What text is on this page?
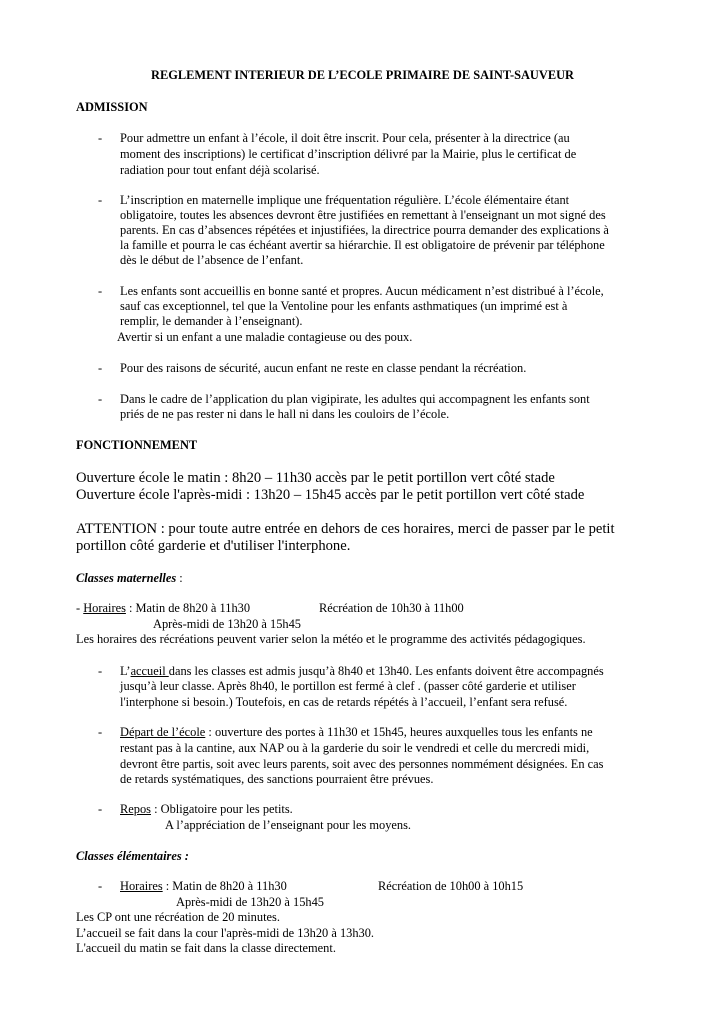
REGLEMENT INTERIEUR DE L’ECOLE PRIMAIRE DE SAINT-SAUVEUR
ADMISSION
- Pour admettre un enfant à l’école, il doit être inscrit. Pour cela, présenter à la directrice (au
moment des inscriptions) le certificat d’inscription délivré par la Mairie, plus le certificat de
radiation pour tout enfant déjà scolarisé.
- L’inscription en maternelle implique une fréquentation régulière. L’école élémentaire étant
obligatoire, toutes les absences devront être justifiées en remettant à l'enseignant un mot signé des
parents. En cas d’absences répétées et injustifiées, la directrice pourra demander des explications à
la famille et pourra le cas échéant avertir sa hiérarchie. Il est obligatoire de prévenir par téléphone
dès le début de l’absence de l’enfant.
- Les enfants sont accueillis en bonne santé et propres. Aucun médicament n’est distribué à l’école,
sauf cas exceptionnel, tel que la Ventoline pour les enfants asthmatiques (un imprimé est à
remplir, le demander à l’enseignant).
Avertir si un enfant a une maladie contagieuse ou des poux.
- Pour des raisons de sécurité, aucun enfant ne reste en classe pendant la récréation.
- Dans le cadre de l’application du plan vigipirate, les adultes qui accompagnent les enfants sont
priés de ne pas rester ni dans le hall ni dans les couloirs de l’école.
FONCTIONNEMENT
Ouverture école le matin : 8h20 – 11h30 accès par le petit portillon vert côté stade
Ouverture école l'après-midi : 13h20 – 15h45 accès par le petit portillon vert côté stade
ATTENTION : pour toute autre entrée en dehors de ces horaires, merci de passer par le petit
portillon côté garderie et d'utiliser l'interphone.
Classes maternelles :
- Horaires : Matin de 8h20 à 11h30	Récréation de 10h30 à 11h00
Après-midi de 13h20 à 15h45
Les horaires des récréations peuvent varier selon la météo et le programme des activités pédagogiques.
- L’accueil dans les classes est admis jusqu’à 8h40 et 13h40. Les enfants doivent être accompagnés
jusqu’à leur classe. Après 8h40, le portillon est fermé à clef . (passer côté garderie et utiliser
l'interphone si besoin.) Toutefois, en cas de retards répétés à l’accueil, l’enfant sera refusé.
- Départ de l’école : ouverture des portes à 11h30 et 15h45, heures auxquelles tous les enfants ne
restant pas à la cantine, aux NAP ou à la garderie du soir le vendredi et celle du mercredi midi,
devront être partis, soit avec leurs parents, soit avec des personnes nommément désignées. En cas
de retards systématiques, des sanctions pourraient être prévues.
- Repos : Obligatoire pour les petits.
A l’appréciation de l’enseignant pour les moyens.
Classes élémentaires :
- Horaires : Matin de 8h20 à 11h30	Récréation de 10h00 à 10h15
Après-midi de 13h20 à 15h45
Les CP ont une récréation de 20 minutes.
L’accueil se fait dans la cour l'après-midi de 13h20 à 13h30.
L'accueil du matin se fait dans la classe directement.
